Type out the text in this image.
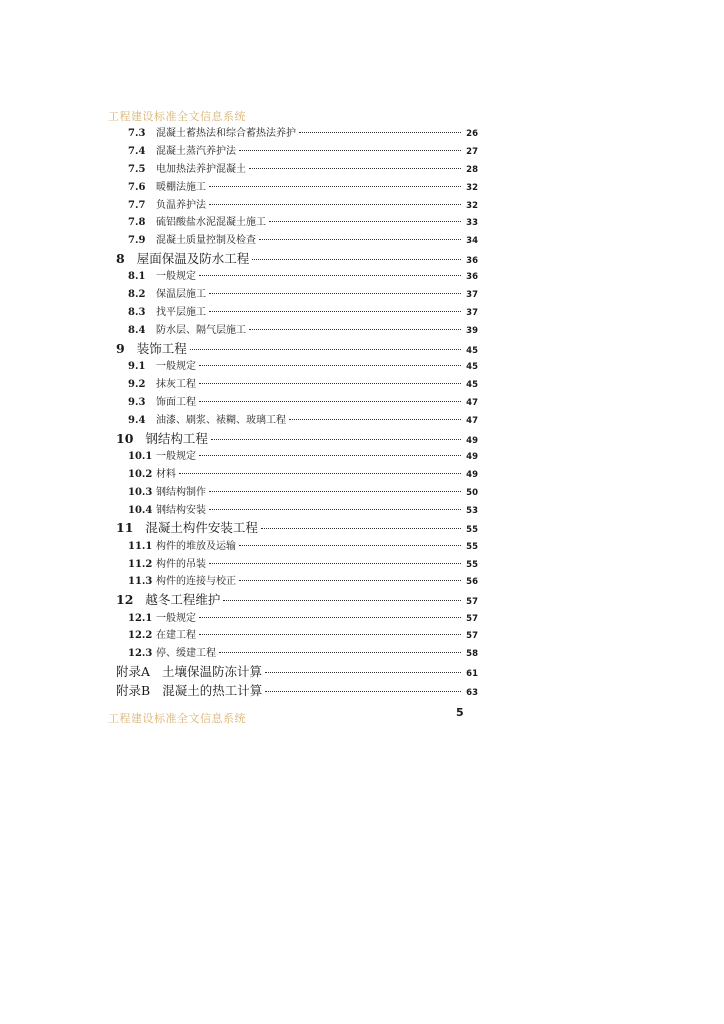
工程建设标准全文信息系统
7.3	混凝土蓄热法和综合蓄热法养护	26
7.4	混凝土蒸汽养护法	27
7.5	电加热法养护混凝土	28
7.6	暖棚法施工	32
7.7	负温养护法	32
7.8	硫铝酸盐水泥混凝土施工	33
7.9	混凝土质量控制及检查	34
8 屋面保温及防水工程	36
8.1	一般规定	36
8.2	保温层施工	37
8.3	找平层施工	37
8.4	防水层、隔气层施工	39
9 装饰工程	45
9.1	一般规定	45
9.2	抹灰工程	45
9.3	饰面工程	47
9.4	油漆、刷浆、裱糊、玻璃工程	47
10 钢结构工程	49
10.1 一般规定	49
10.2 材料	49
10.3 钢结构制作	50
10.4 钢结构安装	53
11 混凝土构件安装工程	55
11.1 构件的堆放及运输	55
11.2 构件的吊装	55
11.3 构件的连接与校正	56
12 越冬工程维护	57
12.1 一般规定	57
12.2 在建工程	57
12.3 停、缓建工程	58
附录A 土壤保温防冻计算	61
附录B 混凝土的热工计算	63
工程建设标准全文信息系统	5
